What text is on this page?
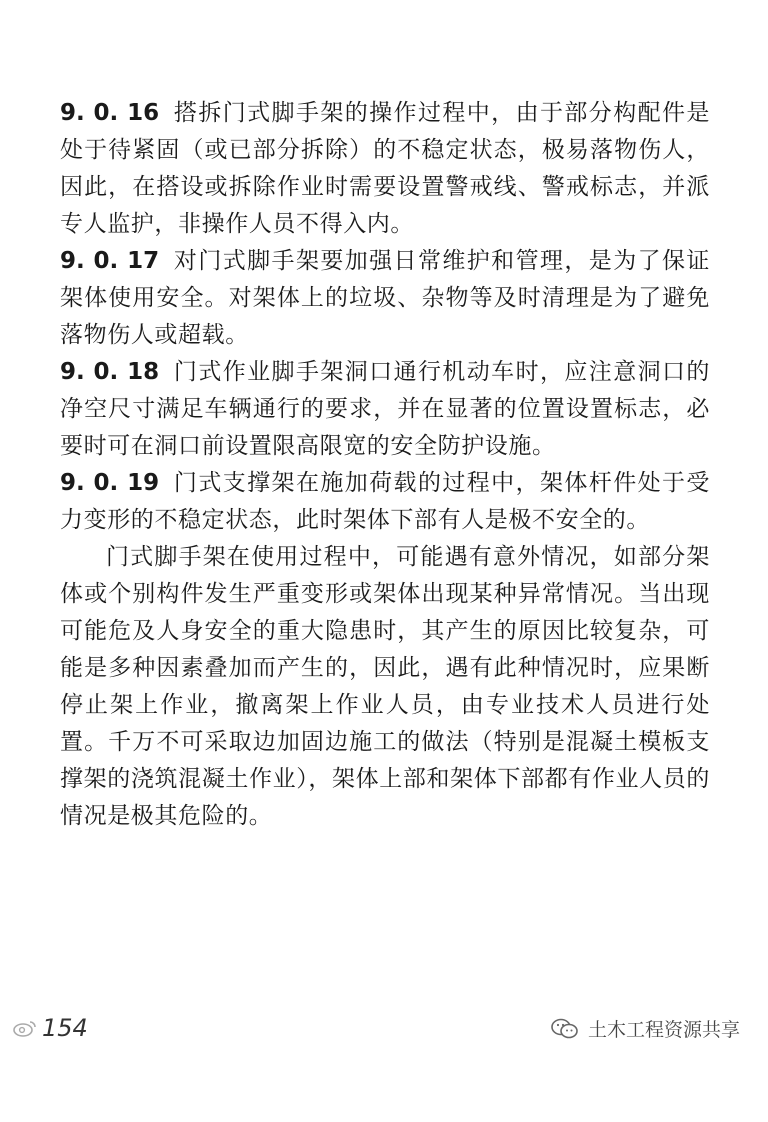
9. 0. 16 搭拆门式脚手架的操作过程中，由于部分构配件是处于待紧固（或已部分拆除）的不稳定状态，极易落物伤人，因此，在搭设或拆除作业时需要设置警戒线、警戒标志，并派专人监护，非操作人员不得入内。

9. 0. 17 对门式脚手架要加强日常维护和管理，是为了保证架体使用安全。对架体上的垃圾、杂物等及时清理是为了避免落物伤人或超载。

9. 0. 18 门式作业脚手架洞口通行机动车时，应注意洞口的净空尺寸满足车辆通行的要求，并在显著的位置设置标志，必要时可在洞口前设置限高限宽的安全防护设施。

9. 0. 19 门式支撑架在施加荷载的过程中，架体杆件处于受力变形的不稳定状态，此时架体下部有人是极不安全的。

门式脚手架在使用过程中，可能遇有意外情况，如部分架体或个别构件发生严重变形或架体出现某种异常情况。当出现可能危及人身安全的重大隐患时，其产生的原因比较复杂，可能是多种因素叠加而产生的，因此，遇有此种情况时，应果断停止架上作业，撤离架上作业人员，由专业技术人员进行处置。千万不可采取边加固边施工的做法（特别是混凝土模板支撑架的浇筑混凝土作业），架体上部和架体下部都有作业人员的情况是极其危险的。

154	土木工程资源共享
